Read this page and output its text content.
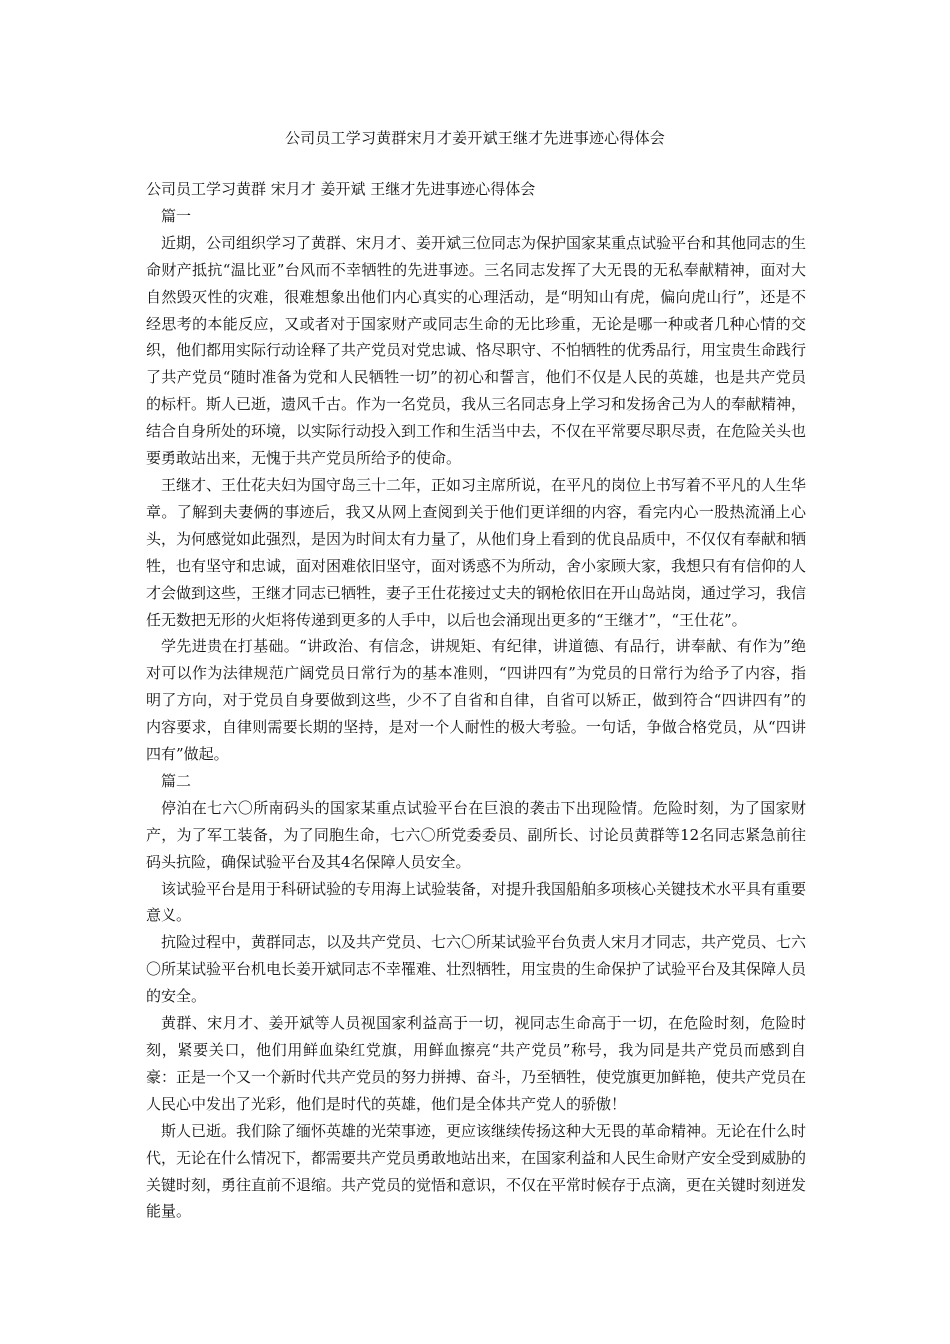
公司员工学习黄群宋月才姜开斌王继才先进事迹心得体会

公司员工学习黄群 宋月才 姜开斌 王继才先进事迹心得体会

篇一

近期，公司组织学习了黄群、宋月才、姜开斌三位同志为保护国家某重点试验平台和其他同志的生命财产抵抗“温比亚”台风而不幸牺牲的先进事迹。三名同志发挥了大无畏的无私奉献精神，面对大自然毁灭性的灾难，很难想象出他们内心真实的心理活动，是“明知山有虎，偏向虎山行”，还是不经思考的本能反应，又或者对于国家财产或同志生命的无比珍重，无论是哪一种或者几种心情的交织，他们都用实际行动诠释了共产党员对党忠诚、恪尽职守、不怕牺牲的优秀品行，用宝贵生命践行了共产党员“随时准备为党和人民牺牲一切”的初心和誓言，他们不仅是人民的英雄，也是共产党员的标杆。斯人已逝，遗风千古。作为一名党员，我从三名同志身上学习和发扬舍己为人的奉献精神，结合自身所处的环境，以实际行动投入到工作和生活当中去，不仅在平常要尽职尽责，在危险关头也要勇敢站出来，无愧于共产党员所给予的使命。

王继才、王仕花夫妇为国守岛三十二年，正如习主席所说，在平凡的岗位上书写着不平凡的人生华章。了解到夫妻俩的事迹后，我又从网上查阅到关于他们更详细的内容，看完内心一股热流涌上心头，为何感觉如此强烈，是因为时间太有力量了，从他们身上看到的优良品质中，不仅仅有奉献和牺牲，也有坚守和忠诚，面对困难依旧坚守，面对诱惑不为所动，舍小家顾大家，我想只有有信仰的人才会做到这些，王继才同志已牺牲，妻子王仕花接过丈夫的钢枪依旧在开山岛站岗，通过学习，我信任无数把无形的火炬将传递到更多的人手中，以后也会涌现出更多的“王继才”，“王仕花”。

学先进贵在打基础。“讲政治、有信念，讲规矩、有纪律，讲道德、有品行，讲奉献、有作为”绝对可以作为法律规范广阔党员日常行为的基本准则，“四讲四有”为党员的日常行为给予了内容，指明了方向，对于党员自身要做到这些，少不了自省和自律，自省可以矫正，做到符合“四讲四有”的内容要求，自律则需要长期的坚持，是对一个人耐性的极大考验。一句话，争做合格党员，从“四讲四有”做起。

篇二

停泊在七六〇所南码头的国家某重点试验平台在巨浪的袭击下出现险情。危险时刻，为了国家财产，为了军工装备，为了同胞生命，七六〇所党委委员、副所长、讨论员黄群等12名同志紧急前往码头抗险，确保试验平台及其4名保障人员安全。

该试验平台是用于科研试验的专用海上试验装备，对提升我国船舶多项核心关键技术水平具有重要意义。

抗险过程中，黄群同志，以及共产党员、七六〇所某试验平台负责人宋月才同志，共产党员、七六〇所某试验平台机电长姜开斌同志不幸罹难、壮烈牺牲，用宝贵的生命保护了试验平台及其保障人员的安全。

黄群、宋月才、姜开斌等人员视国家利益高于一切，视同志生命高于一切，在危险时刻，危险时刻，紧要关口，他们用鲜血染红党旗，用鲜血擦亮“共产党员”称号，我为同是共产党员而感到自豪：正是一个又一个新时代共产党员的努力拼搏、奋斗，乃至牺牲，使党旗更加鲜艳，使共产党员在人民心中发出了光彩，他们是时代的英雄，他们是全体共产党人的骄傲！

斯人已逝。我们除了缅怀英雄的光荣事迹，更应该继续传扬这种大无畏的革命精神。无论在什么时代，无论在什么情况下，都需要共产党员勇敢地站出来，在国家利益和人民生命财产安全受到威胁的关键时刻，勇往直前不退缩。共产党员的觉悟和意识，不仅在平常时候存于点滴，更在关键时刻迸发能量。
